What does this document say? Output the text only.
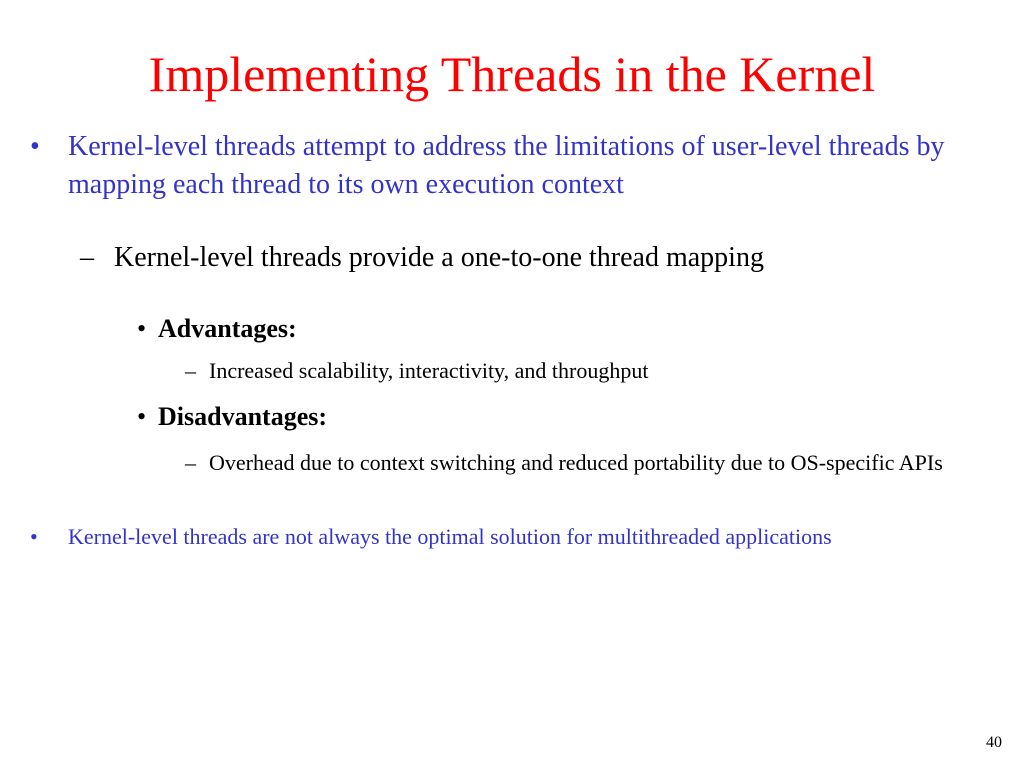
Implementing Threads in the Kernel
• Kernel-level threads attempt to address the limitations of user-level threads by mapping each thread to its own execution context
– Kernel-level threads provide a one-to-one thread mapping
• Advantages:
– Increased scalability, interactivity, and throughput
• Disadvantages:
– Overhead due to context switching and reduced portability due to OS-specific APIs
• Kernel-level threads are not always the optimal solution for multithreaded applications
40
